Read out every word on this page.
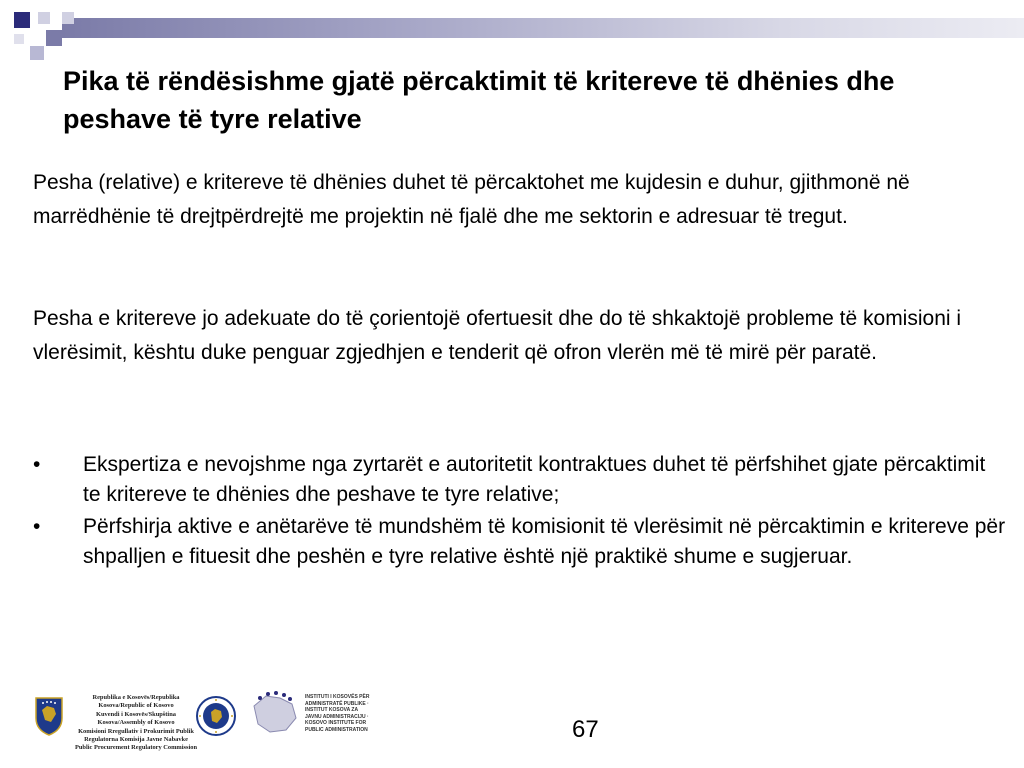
Pika të rëndësishme gjatë përcaktimit të kritereve të dhënies dhe peshave të tyre relative

Pesha (relative) e kritereve të dhënies duhet të përcaktohet me kujdesin e duhur, gjithmonë në marrëdhënie të drejtpërdrejtë me projektin në fjalë dhe me sektorin e adresuar të tregut.

Pesha e kritereve jo adekuate do të çorientojë ofertuesit dhe do të shkaktojë probleme të komisioni i vlerësimit, kështu duke penguar zgjedhjen e tenderit që ofron vlerën më të mirë për paratë.

• Ekspertiza e nevojshme nga zyrtarët e autoritetit kontraktues duhet të përfshihet gjate përcaktimit te kritereve te dhënies dhe peshave te tyre relative;
• Përfshirja aktive e anëtarëve të mundshëm të komisionit të vlerësimit në përcaktimin e kritereve për shpalljen e fituesit dhe peshën e tyre relative është një praktikë shume e sugjeruar.
Republika e Kosovës/Republika Kosova/Republic of Kosovo
Kuvendi i Kosovës/Skupština Kosova/Assembly of Kosovo
Komisioni Rregullativ i Prokurimit Publik
Regulatorna Komisija Javne Nabavke
Public Procurement Regulatory Commission
INSTITUTI I KOSOVËS PËR ADMINISTRATË PUBLIKE · INSTITUT KOSOVA ZA JAVNU ADMINISTRACIJU · KOSOVO INSTITUTE FOR PUBLIC ADMINISTRATION	67
